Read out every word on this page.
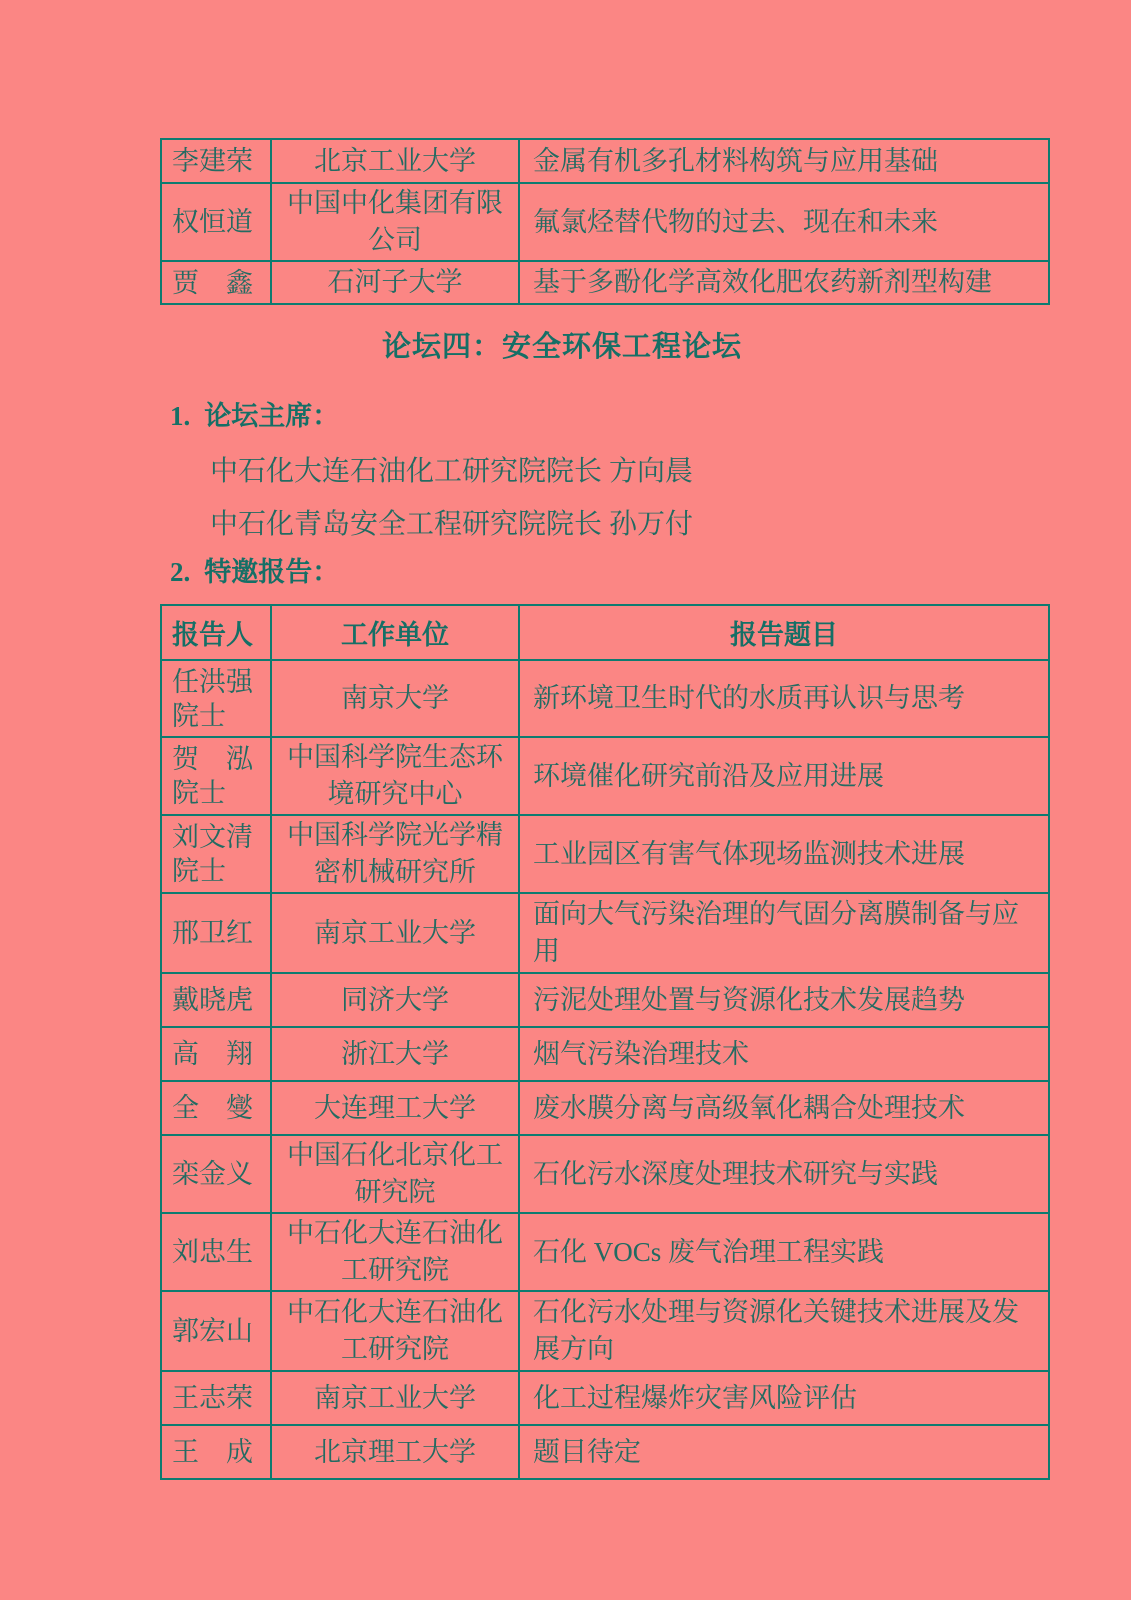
李建荣	北京工业大学	金属有机多孔材料构筑与应用基础
权恒道	中国中化集团有限公司	氟氯烃替代物的过去、现在和未来
贾　鑫	石河子大学	基于多酚化学高效化肥农药新剂型构建
论坛四：安全环保工程论坛
1. 论坛主席：

中石化大连石油化工研究院院长 方向晨

中石化青岛安全工程研究院院长 孙万付

2. 特邀报告：
报告人	工作单位	报告题目
任洪强院士	南京大学	新环境卫生时代的水质再认识与思考
贺　泓院士	中国科学院生态环境研究中心	环境催化研究前沿及应用进展
刘文清院士	中国科学院光学精密机械研究所	工业园区有害气体现场监测技术进展
邢卫红	南京工业大学	面向大气污染治理的气固分离膜制备与应用
戴晓虎	同济大学	污泥处理处置与资源化技术发展趋势
高　翔	浙江大学	烟气污染治理技术
全　燮	大连理工大学	废水膜分离与高级氧化耦合处理技术
栾金义	中国石化北京化工研究院	石化污水深度处理技术研究与实践
刘忠生	中石化大连石油化工研究院	石化 VOCs 废气治理工程实践
郭宏山	中石化大连石油化工研究院	石化污水处理与资源化关键技术进展及发展方向
王志荣	南京工业大学	化工过程爆炸灾害风险评估
王　成	北京理工大学	题目待定
